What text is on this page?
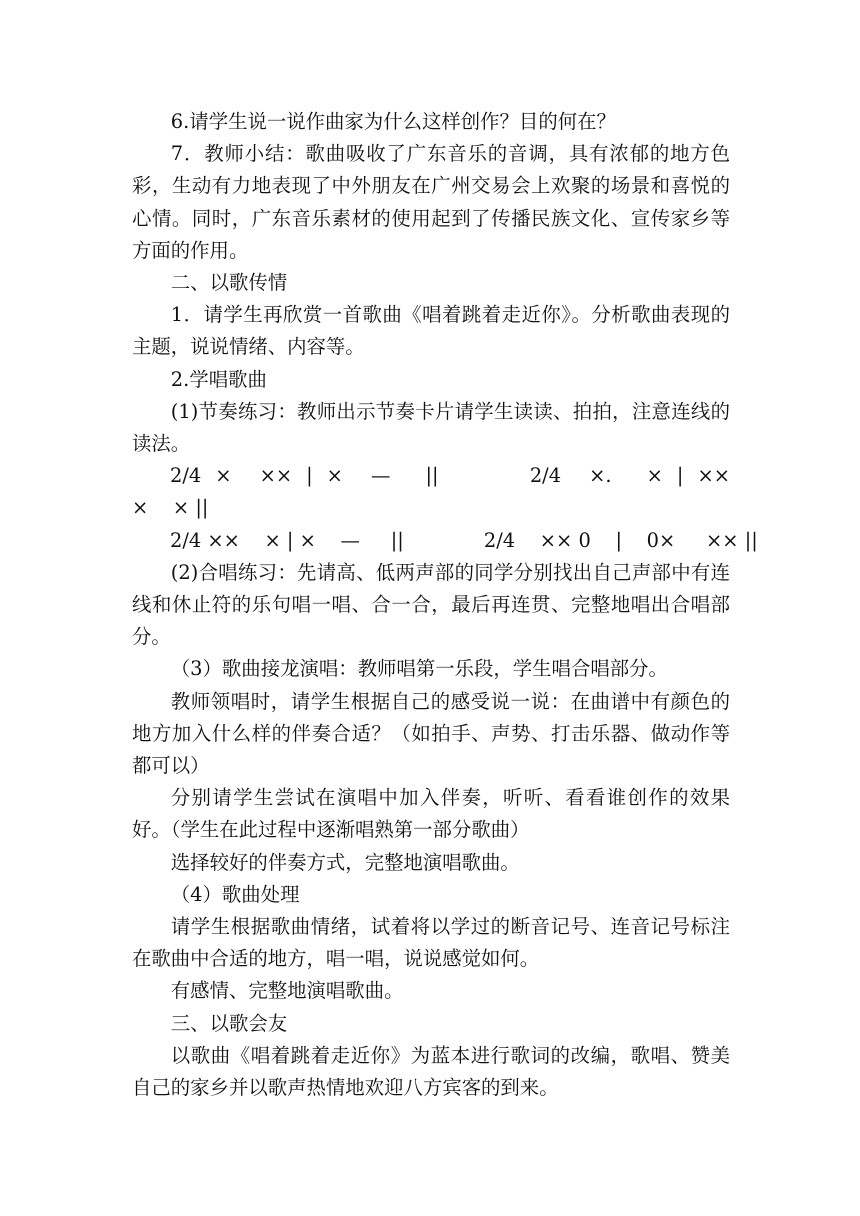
6.请学生说一说作曲家为什么这样创作？目的何在？

7．教师小结：歌曲吸收了广东音乐的音调，具有浓郁的地方色彩，生动有力地表现了中外朋友在广州交易会上欢聚的场景和喜悦的心情。同时，广东音乐素材的使用起到了传播民族文化、宣传家乡等方面的作用。

二、以歌传情

1．请学生再欣赏一首歌曲《唱着跳着走近你》。分析歌曲表现的主题，说说情绪、内容等。

2.学唱歌曲

(1)节奏练习：教师出示节奏卡片请学生读读、拍拍，注意连线的读法。

2/4  ×    ××  |  ×    —     ||             2/4    ×.     ×  |  ××      ×    × ||

2/4 ××    × | ×    —     ||             2/4    ×× 0    |    0×     ×× ||

(2)合唱练习：先请高、低两声部的同学分别找出自己声部中有连线和休止符的乐句唱一唱、合一合，最后再连贯、完整地唱出合唱部分。

（3）歌曲接龙演唱：教师唱第一乐段，学生唱合唱部分。

教师领唱时，请学生根据自己的感受说一说：在曲谱中有颜色的地方加入什么样的伴奏合适？（如拍手、声势、打击乐器、做动作等都可以）

分别请学生尝试在演唱中加入伴奏，听听、看看谁创作的效果好。（学生在此过程中逐渐唱熟第一部分歌曲）

选择较好的伴奏方式，完整地演唱歌曲。

（4）歌曲处理

请学生根据歌曲情绪，试着将以学过的断音记号、连音记号标注在歌曲中合适的地方，唱一唱，说说感觉如何。

有感情、完整地演唱歌曲。

三、以歌会友

以歌曲《唱着跳着走近你》为蓝本进行歌词的改编，歌唱、赞美自己的家乡并以歌声热情地欢迎八方宾客的到来。
